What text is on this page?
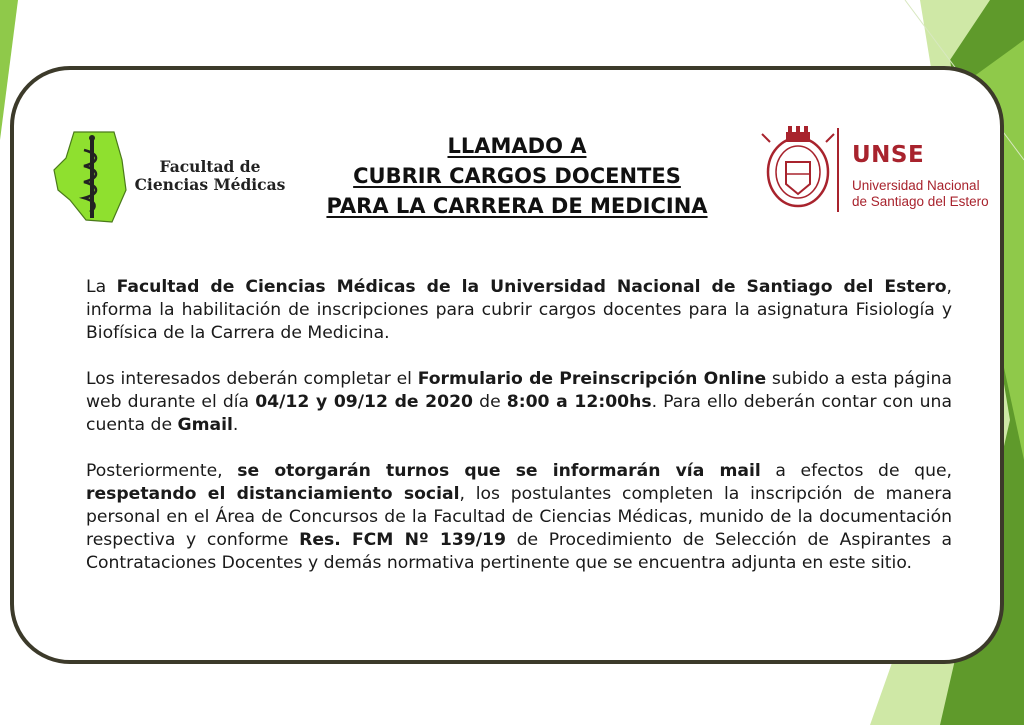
Facultad de
Ciencias Médicas
LLAMADO A
CUBRIR CARGOS DOCENTES
PARA LA CARRERA DE MEDICINA
UNSE
Universidad Nacional
de Santiago del Estero

La Facultad de Ciencias Médicas de la Universidad Nacional de Santiago del Estero, informa la habilitación de inscripciones para cubrir cargos docentes para la asignatura Fisiología y Biofísica de la Carrera de Medicina.

Los interesados deberán completar el Formulario de Preinscripción Online subido a esta página web durante el día 04/12 y 09/12 de 2020 de 8:00 a 12:00hs. Para ello deberán contar con una cuenta de Gmail.

Posteriormente, se otorgarán turnos que se informarán vía mail a efectos de que, respetando el distanciamiento social, los postulantes completen la inscripción de manera personal en el Área de Concursos de la Facultad de Ciencias Médicas, munido de la documentación respectiva y conforme Res. FCM Nº 139/19 de Procedimiento de Selección de Aspirantes a Contrataciones Docentes y demás normativa pertinente que se encuentra adjunta en este sitio.
